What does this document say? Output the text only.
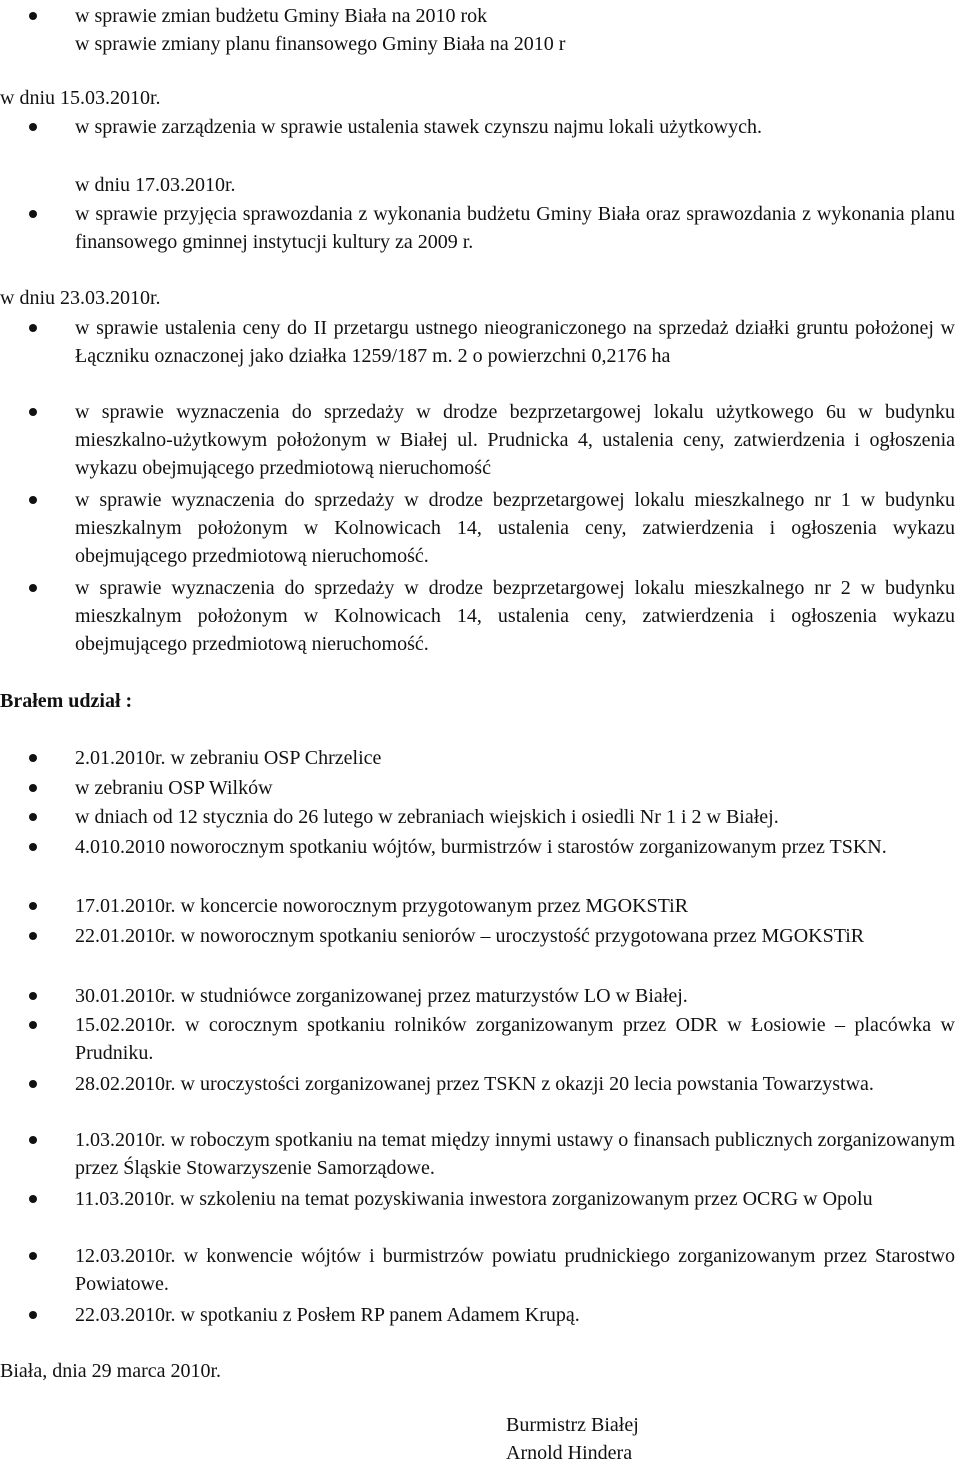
w sprawie zmian budżetu Gminy Biała na 2010 rok
w sprawie zmiany planu finansowego Gminy Biała na 2010 r
w dniu 15.03.2010r.
w sprawie zarządzenia w sprawie ustalenia stawek czynszu najmu lokali użytkowych.
w dniu 17.03.2010r.
w sprawie przyjęcia sprawozdania z wykonania budżetu Gminy Biała oraz sprawozdania z wykonania planu finansowego gminnej instytucji kultury za 2009 r.
w dniu 23.03.2010r.
w sprawie ustalenia ceny do II przetargu ustnego nieograniczonego na sprzedaż działki gruntu położonej w Łączniku oznaczonej jako działka 1259/187 m. 2 o powierzchni 0,2176 ha
w sprawie wyznaczenia do sprzedaży w drodze bezprzetargowej lokalu użytkowego 6u w budynku mieszkalno-użytkowym położonym w Białej ul. Prudnicka 4, ustalenia ceny, zatwierdzenia i ogłoszenia wykazu obejmującego przedmiotową nieruchomość
w sprawie wyznaczenia do sprzedaży w drodze bezprzetargowej lokalu mieszkalnego nr 1 w budynku mieszkalnym położonym w Kolnowicach 14, ustalenia ceny, zatwierdzenia i ogłoszenia wykazu obejmującego przedmiotową nieruchomość.
w sprawie wyznaczenia do sprzedaży w drodze bezprzetargowej lokalu mieszkalnego nr 2 w budynku mieszkalnym położonym w Kolnowicach 14, ustalenia ceny, zatwierdzenia i ogłoszenia wykazu obejmującego przedmiotową nieruchomość.
Brałem udział :
2.01.2010r. w zebraniu OSP Chrzelice
w zebraniu OSP Wilków
w dniach od 12 stycznia do 26 lutego w zebraniach wiejskich i osiedli Nr 1 i 2 w Białej.
4.010.2010 noworocznym spotkaniu wójtów, burmistrzów i starostów zorganizowanym przez TSKN.
17.01.2010r. w koncercie noworocznym przygotowanym przez MGOKSTiR
22.01.2010r. w noworocznym spotkaniu seniorów – uroczystość przygotowana przez MGOKSTiR
30.01.2010r. w studniówce zorganizowanej przez maturzystów LO w Białej.
15.02.2010r. w corocznym spotkaniu rolników zorganizowanym przez ODR w Łosiowie – placówka w Prudniku.
28.02.2010r. w uroczystości zorganizowanej przez TSKN z okazji 20 lecia powstania Towarzystwa.
1.03.2010r. w roboczym spotkaniu na temat między innymi ustawy o finansach publicznych zorganizowanym przez Śląskie Stowarzyszenie Samorządowe.
11.03.2010r. w szkoleniu na temat pozyskiwania inwestora zorganizowanym przez OCRG w Opolu
12.03.2010r. w konwencie wójtów i burmistrzów powiatu prudnickiego zorganizowanym przez Starostwo Powiatowe.
22.03.2010r. w spotkaniu z Posłem RP panem Adamem Krupą.
Biała, dnia 29 marca 2010r.
Burmistrz Białej
Arnold Hindera
